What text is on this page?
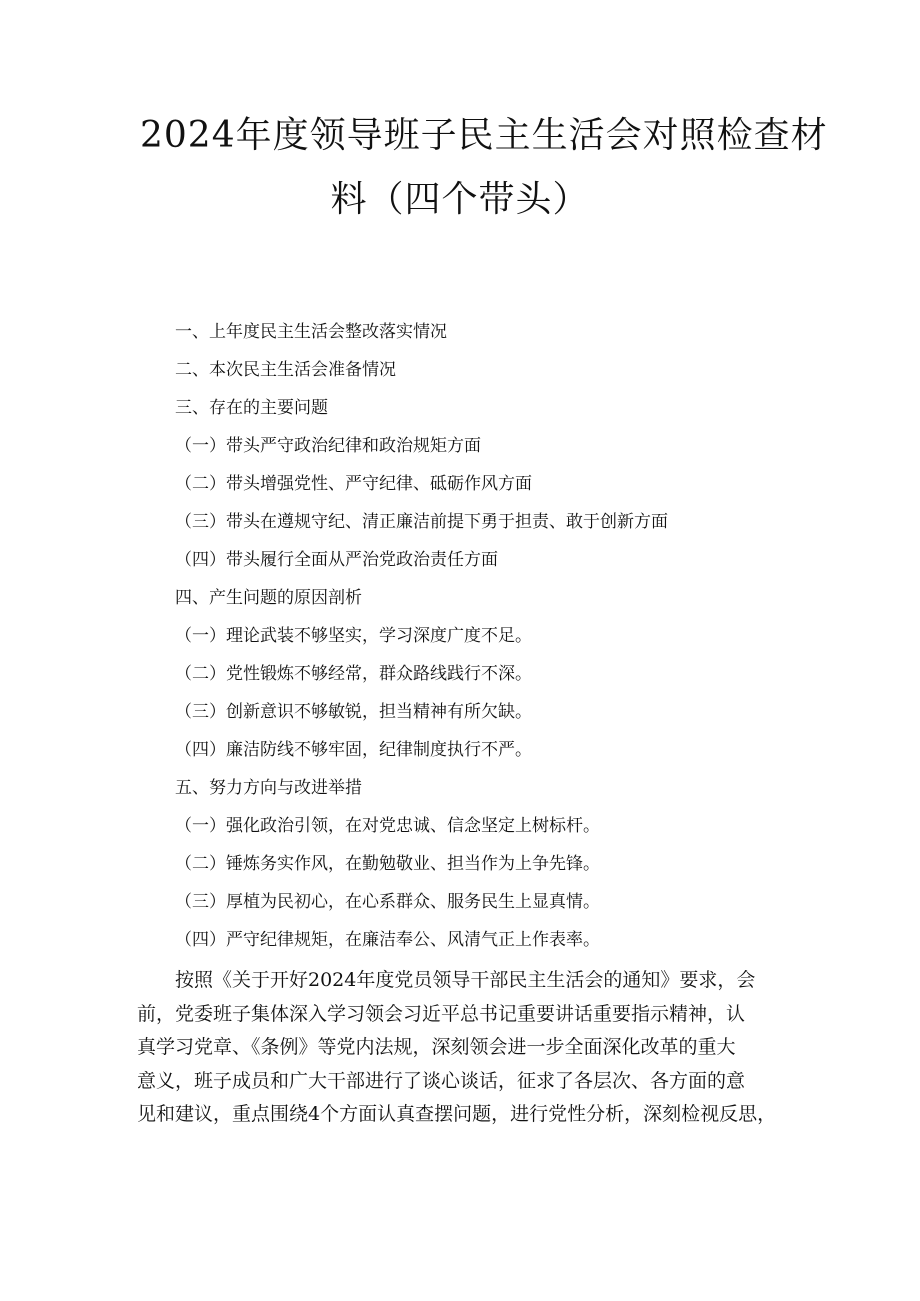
2024年度领导班子民主生活会对照检查材
料（四个带头）
一、上年度民主生活会整改落实情况
二、本次民主生活会准备情况
三、存在的主要问题
（一）带头严守政治纪律和政治规矩方面
（二）带头增强党性、严守纪律、砥砺作风方面
（三）带头在遵规守纪、清正廉洁前提下勇于担责、敢于创新方面
（四）带头履行全面从严治党政治责任方面
四、产生问题的原因剖析
（一）理论武装不够坚实，学习深度广度不足。
（二）党性锻炼不够经常，群众路线践行不深。
（三）创新意识不够敏锐，担当精神有所欠缺。
（四）廉洁防线不够牢固，纪律制度执行不严。
五、努力方向与改进举措
（一）强化政治引领，在对党忠诚、信念坚定上树标杆。
（二）锤炼务实作风，在勤勉敬业、担当作为上争先锋。
（三）厚植为民初心，在心系群众、服务民生上显真情。
（四）严守纪律规矩，在廉洁奉公、风清气正上作表率。
按照《关于开好2024年度党员领导干部民主生活会的通知》要求，会
前，党委班子集体深入学习领会习近平总书记重要讲话重要指示精神，认
真学习党章、《条例》等党内法规，深刻领会进一步全面深化改革的重大
意义，班子成员和广大干部进行了谈心谈话，征求了各层次、各方面的意
见和建议，重点围绕4个方面认真查摆问题，进行党性分析，深刻检视反思，
